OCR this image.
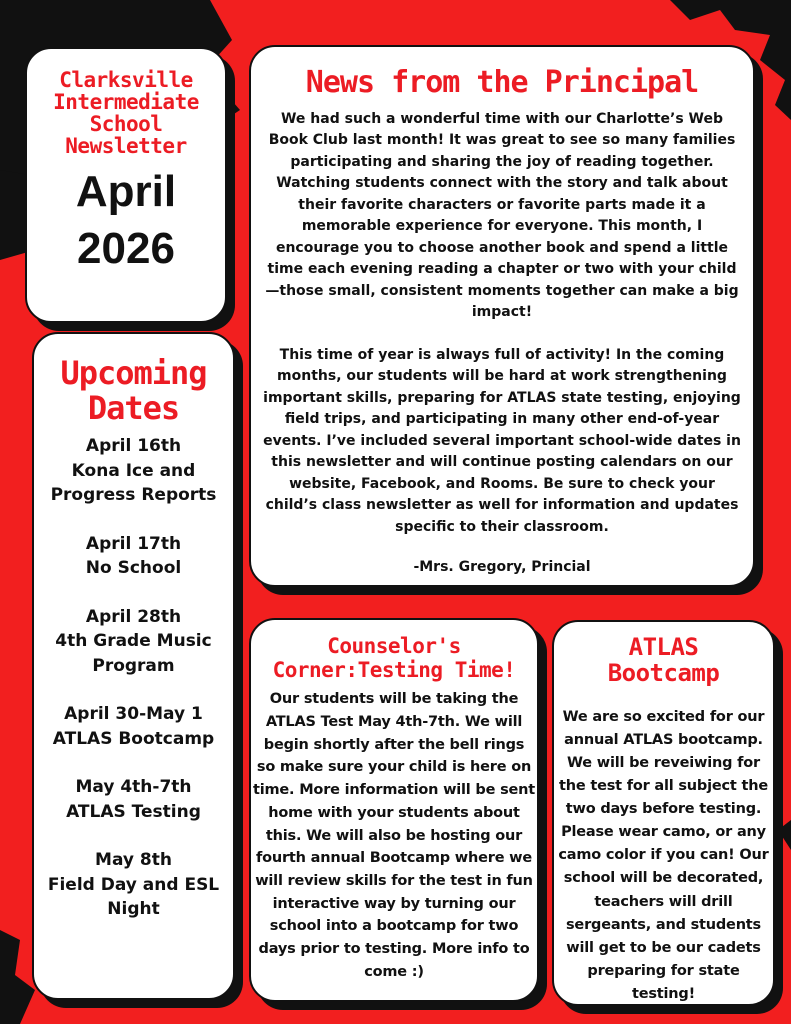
Clarksville
Intermediate
School
Newsletter
April
2026
Upcoming
Dates
April 16th
Kona Ice and
Progress Reports
April 17th
No School
April 28th
4th Grade Music
Program
April 30-May 1
ATLAS Bootcamp
May 4th-7th
ATLAS Testing
May 8th
Field Day and ESL
Night
News from the Principal

We had such a wonderful time with our Charlotte’s Web Book Club last month! It was great to see so many families participating and sharing the joy of reading together. Watching students connect with the story and talk about their favorite characters or favorite parts made it a memorable experience for everyone. This month, I encourage you to choose another book and spend a little time each evening reading a chapter or two with your child—those small, consistent moments together can make a big impact!

This time of year is always full of activity! In the coming months, our students will be hard at work strengthening important skills, preparing for ATLAS state testing, enjoying field trips, and participating in many other end-of-year events. I’ve included several important school-wide dates in this newsletter and will continue posting calendars on our website, Facebook, and Rooms. Be sure to check your child’s class newsletter as well for information and updates specific to their classroom.

-Mrs. Gregory, Princial

Counselor's
Corner:Testing Time!

Our students will be taking the ATLAS Test May 4th-7th. We will begin shortly after the bell rings so make sure your child is here on time. More information will be sent home with your students about this. We will also be hosting our fourth annual Bootcamp where we will review skills for the test in fun interactive way by turning our school into a bootcamp for two days prior to testing. More info to come :)

ATLAS
Bootcamp

We are so excited for our annual ATLAS bootcamp. We will be reveiwing for the test for all subject the two days before testing. Please wear camo, or any camo color if you can! Our school will be decorated, teachers will drill sergeants, and students will get to be our cadets preparing for state testing!
